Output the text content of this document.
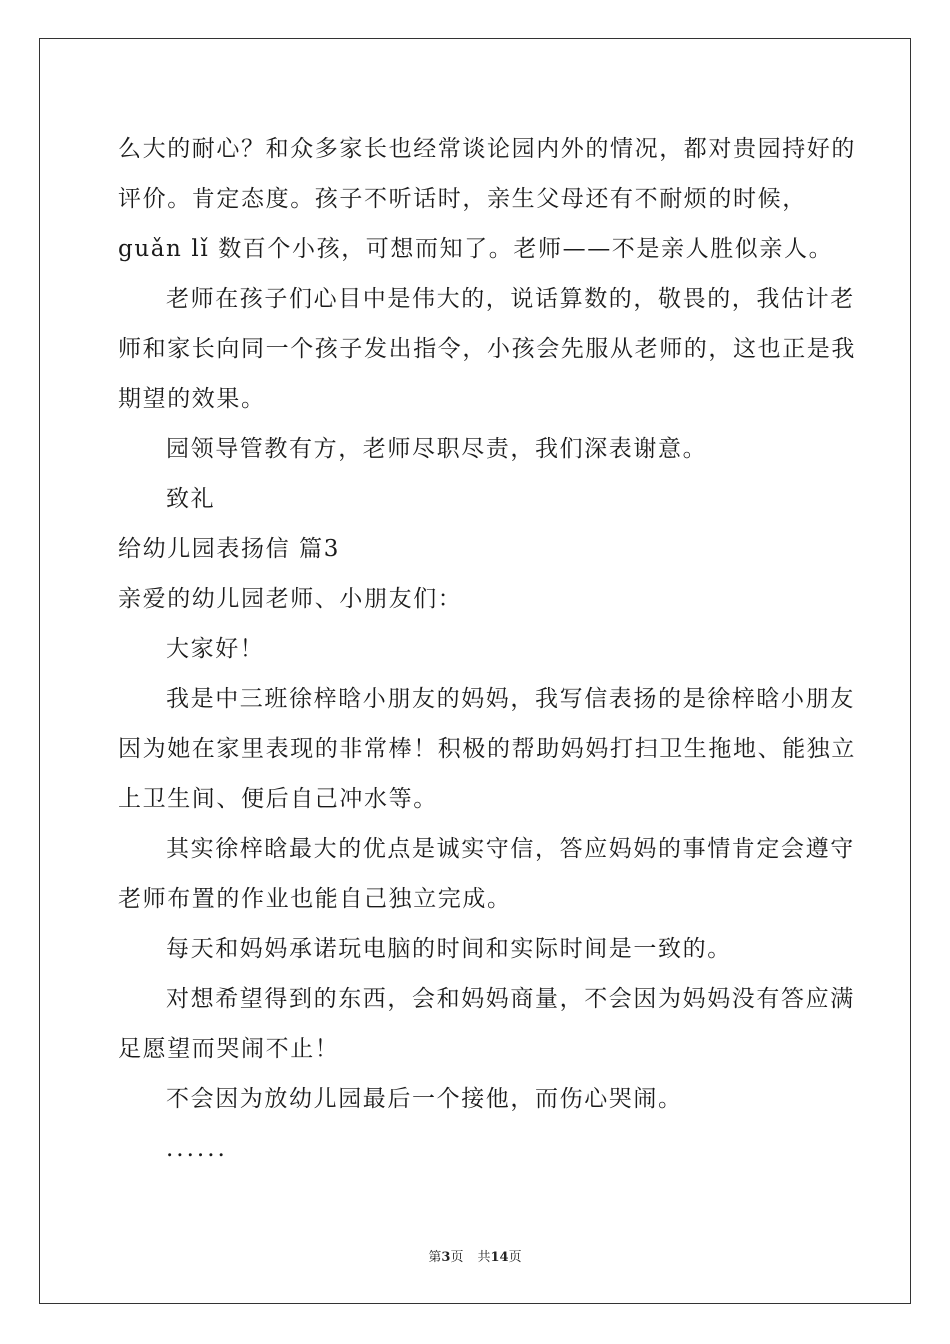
么大的耐心？和众多家长也经常谈论园内外的情况，都对贵园持好的
评价。肯定态度。孩子不听话时，亲生父母还有不耐烦的时候，
guǎn lǐ 数百个小孩，可想而知了。老师——不是亲人胜似亲人。
老师在孩子们心目中是伟大的，说话算数的，敬畏的，我估计老
师和家长向同一个孩子发出指令，小孩会先服从老师的，这也正是我
期望的效果。
园领导管教有方，老师尽职尽责，我们深表谢意。
致礼
给幼儿园表扬信 篇3
亲爱的幼儿园老师、小朋友们：
大家好！
我是中三班徐梓晗小朋友的妈妈，我写信表扬的是徐梓晗小朋友
因为她在家里表现的非常棒！积极的帮助妈妈打扫卫生拖地、能独立
上卫生间、便后自己冲水等。
其实徐梓晗最大的优点是诚实守信，答应妈妈的事情肯定会遵守
老师布置的作业也能自己独立完成。
每天和妈妈承诺玩电脑的时间和实际时间是一致的。
对想希望得到的东西，会和妈妈商量，不会因为妈妈没有答应满
足愿望而哭闹不止！
不会因为放幼儿园最后一个接他，而伤心哭闹。
......
第3页 共14页
